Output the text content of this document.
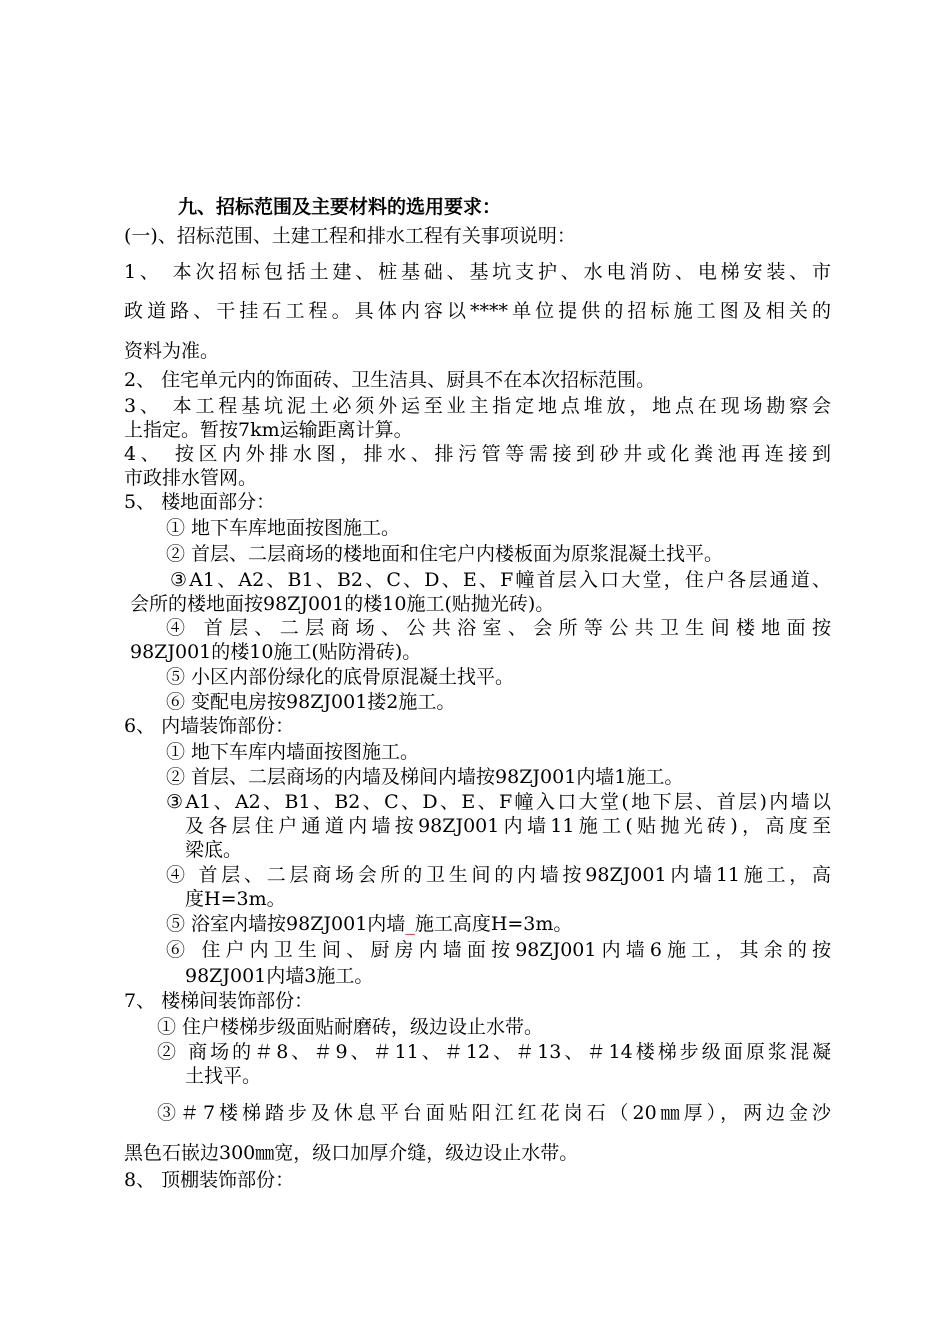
九、招标范围及主要材料的选用要求：
(一)、招标范围、土建工程和排水工程有关事项说明：
1、 本次招标包括土建、桩基础、基坑支护、水电消防、电梯安装、市
政道路、干挂石工程。具体内容以****单位提供的招标施工图及相关的
资料为准。
2、 住宅单元内的饰面砖、卫生洁具、厨具不在本次招标范围。
3、 本工程基坑泥土必须外运至业主指定地点堆放，地点在现场勘察会
上指定。暂按7km运输距离计算。
4、 按区内外排水图，排水、排污管等需接到砂井或化粪池再连接到
市政排水管网。
5、 楼地面部分：
① 地下车库地面按图施工。
② 首层、二层商场的楼地面和住宅户内楼板面为原浆混凝土找平。
③A1、A2、B1、B2、C、D、E、F幢首层入口大堂，住户各层通道、
会所的楼地面按98ZJ001的楼10施工(贴抛光砖)。
④ 首层、二层商场、公共浴室、会所等公共卫生间楼地面按
98ZJ001的楼10施工(贴防滑砖)。
⑤ 小区内部份绿化的底骨原混凝土找平。
⑥ 变配电房按98ZJ001搂2施工。
6、 内墙装饰部份：
① 地下车库内墙面按图施工。
② 首层、二层商场的内墙及梯间内墙按98ZJ001内墙1施工。
③A1、A2、B1、B2、C、D、E、F幢入口大堂(地下层、首层)内墙以
及各层住户通道内墙按98ZJ001内墙11施工(贴抛光砖)，高度至
梁底。
④ 首层、二层商场会所的卫生间的内墙按98ZJ001内墙11施工，高
度H=3m。
⑤ 浴室内墙按98ZJ001内墙_施工高度H=3m。
⑥ 住户内卫生间、厨房内墙面按98ZJ001内墙6施工，其余的按
98ZJ001内墙3施工。
7、 楼梯间装饰部份：
① 住户楼梯步级面贴耐磨砖，级边设止水带。
② 商场的＃8、＃9、＃11、＃12、＃13、＃14楼梯步级面原浆混凝
土找平。
③＃7楼梯踏步及休息平台面贴阳江红花岗石（20㎜厚），两边金沙
黑色石嵌边300㎜宽，级口加厚介缝，级边设止水带。
8、 顶棚装饰部份：
